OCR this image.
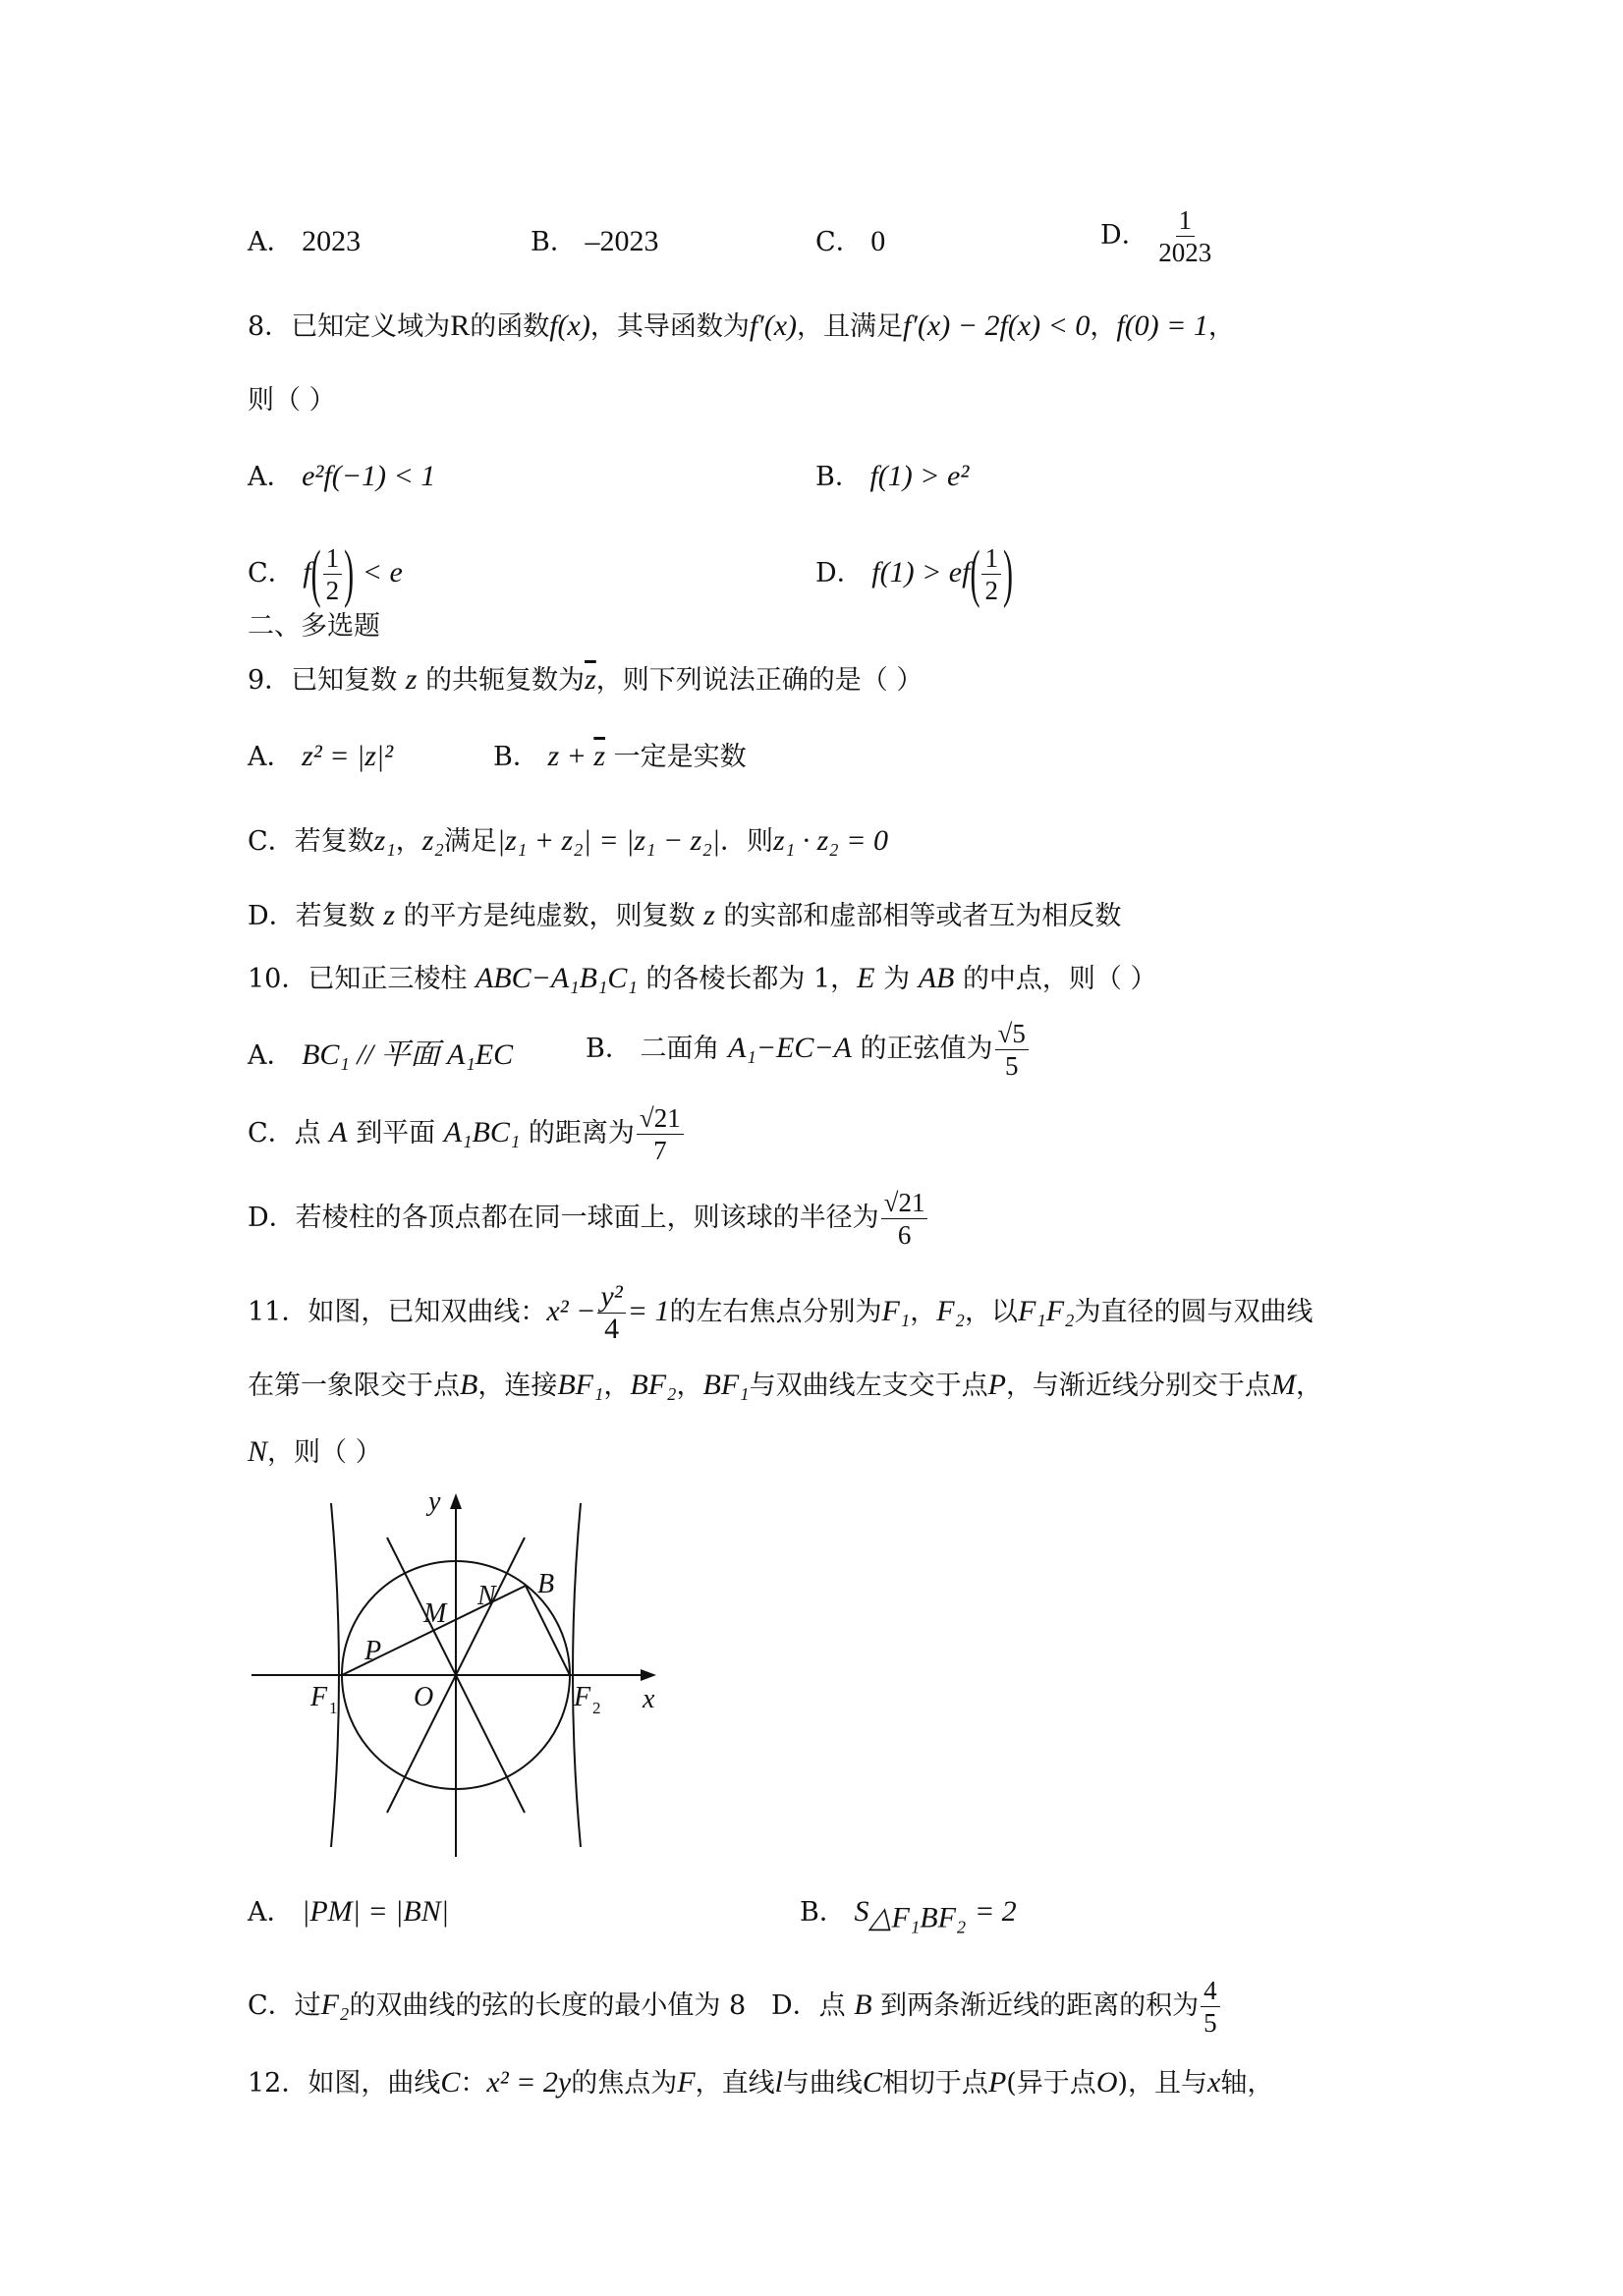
A． 2023	B． –2023	C． 0	D． $\frac{1}{2023}$
8．已知定义域为R的函数f(x)，其导函数为f′(x)，且满足f′(x) − 2f(x) < 0，f(0) = 1，
则（ ）
A． e²f(−1) < 1	B． f(1) > e²
C． $f( \frac{1}{2}$ ) < e	D． $f(1) > ef( \frac{1}{2}$ )
二、多选题
9．已知复数 z 的共轭复数为$\overline{z}$，则下列说法正确的是（ ）
A． z² = |z|²	B． $z + \overline{z}$ 一定是实数
C．若复数z₁，z₂满足|z₁ + z₂| = |z₁ − z₂|．则z₁ · z₂ = 0
D．若复数 z 的平方是纯虚数，则复数 z 的实部和虚部相等或者互为相反数
10．已知正三棱柱 ABC−A₁B₁C₁ 的各棱长都为 1，E 为 AB 的中点，则（ ）
A． BC₁ // 平面 A₁EC	B． 二面角 A₁−EC−A 的正弦值为 $\frac{√5}{5}$
C．点 A 到平面 A₁BC₁ 的距离为 $\frac{√21}{7}$
D．若棱柱的各顶点都在同一球面上，则该球的半径为 $\frac{√21}{6}$
11．如图，已知双曲线：$x^2 - \frac{\text{y²}}{4} = 1$的左右焦点分别为F₁，F₂，以F₁F₂为直径的圆与双曲线
在第一象限交于点B，连接BF₁，BF₂，BF₁与双曲线左支交于点P，与渐近线分别交于点M，
N，则（ ）
y
x
O
F 1	F 2
P
M
N B
A． |PM| = |BN|	B． $S_{\triangle F_1BF_2} = 2$
C．过F₂的双曲线的弦的长度的最小值为 8 D．点 B 到两条渐近线的距离的积为 $\frac{4}{5}$
12．如图，曲线C：x² = 2y的焦点为F，直线l与曲线C相切于点P(异于点O)，且与x轴，
